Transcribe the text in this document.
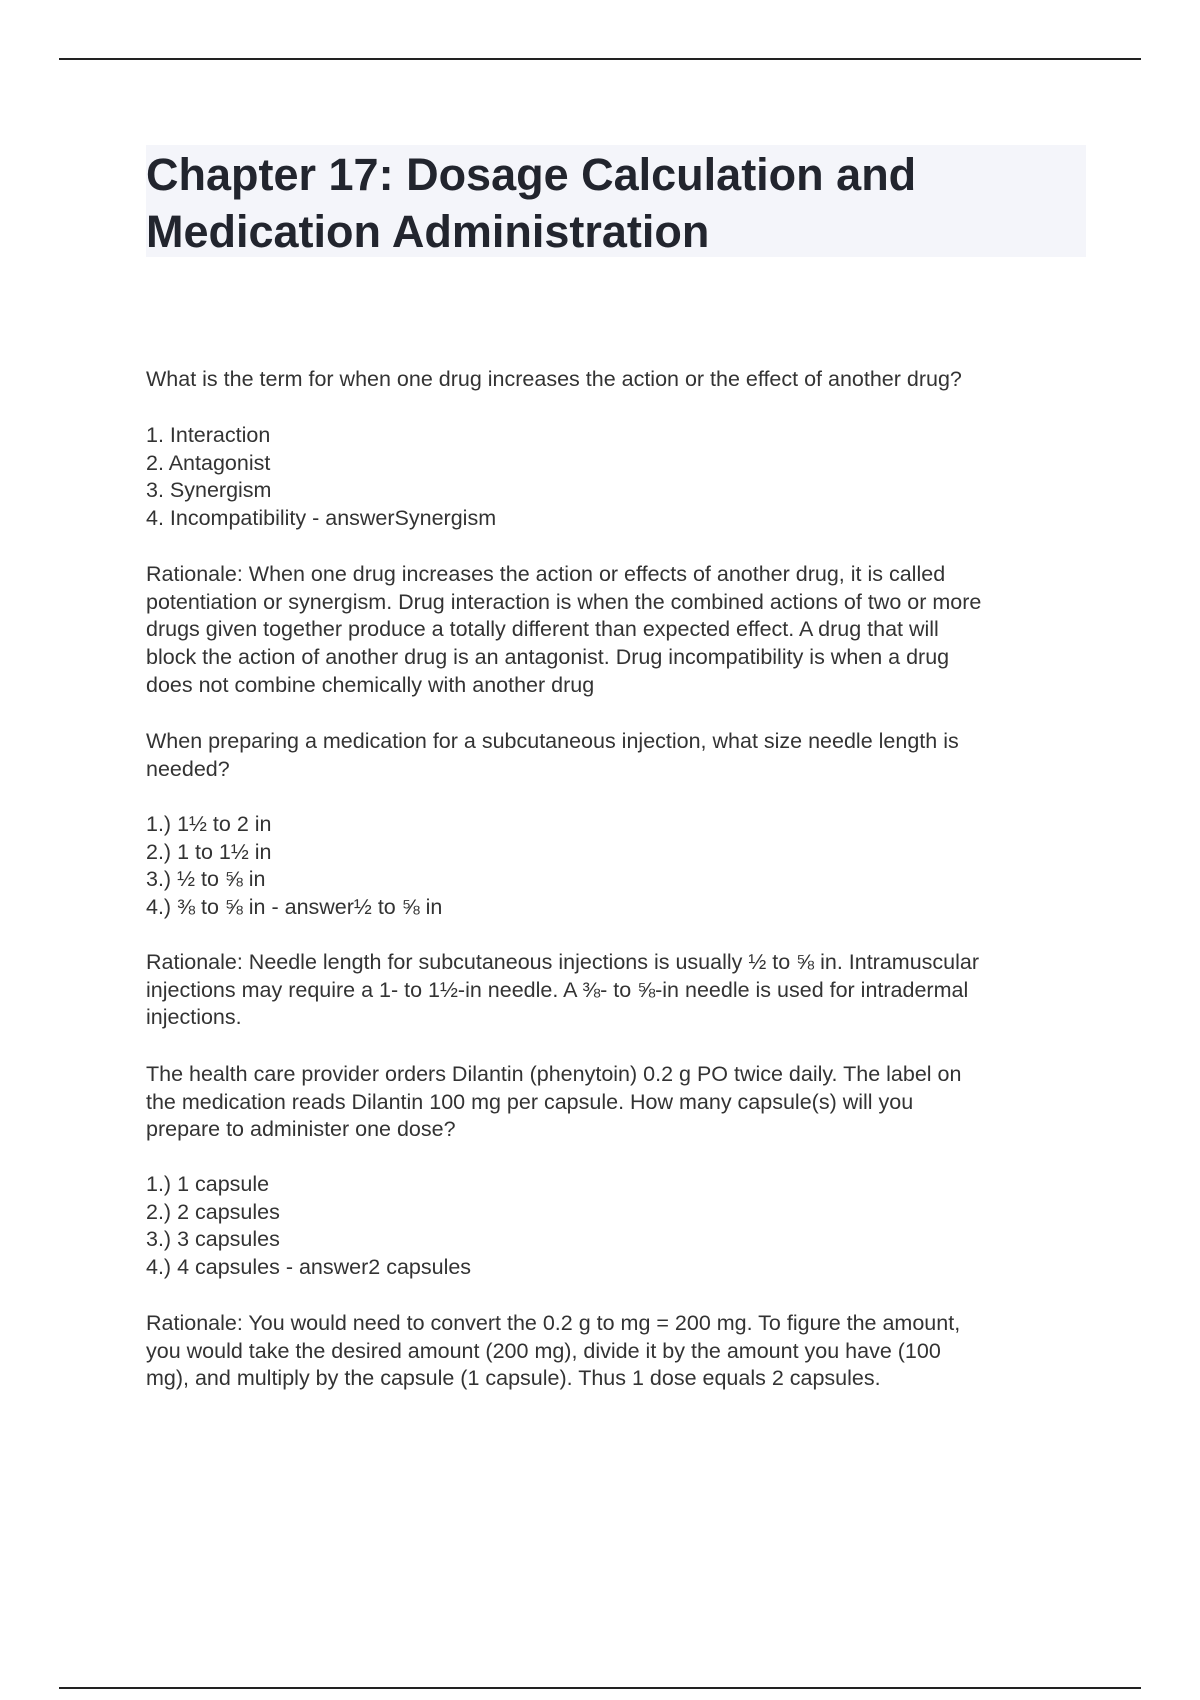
Chapter 17: Dosage Calculation and
Medication Administration
What is the term for when one drug increases the action or the effect of another drug?
1. Interaction
2. Antagonist
3. Synergism
4. Incompatibility - answerSynergism
Rationale: When one drug increases the action or effects of another drug, it is called
potentiation or synergism. Drug interaction is when the combined actions of two or more
drugs given together produce a totally different than expected effect. A drug that will
block the action of another drug is an antagonist. Drug incompatibility is when a drug
does not combine chemically with another drug
When preparing a medication for a subcutaneous injection, what size needle length is
needed?
1.) 1½ to 2 in
2.) 1 to 1½ in
3.) ½ to ⅝ in
4.) ⅜ to ⅝ in - answer½ to ⅝ in
Rationale: Needle length for subcutaneous injections is usually ½ to ⅝ in. Intramuscular
injections may require a 1- to 1½-in needle. A ⅜- to ⅝-in needle is used for intradermal
injections.
The health care provider orders Dilantin (phenytoin) 0.2 g PO twice daily. The label on
the medication reads Dilantin 100 mg per capsule. How many capsule(s) will you
prepare to administer one dose?
1.) 1 capsule
2.) 2 capsules
3.) 3 capsules
4.) 4 capsules - answer2 capsules
Rationale: You would need to convert the 0.2 g to mg = 200 mg. To figure the amount,
you would take the desired amount (200 mg), divide it by the amount you have (100
mg), and multiply by the capsule (1 capsule). Thus 1 dose equals 2 capsules.
